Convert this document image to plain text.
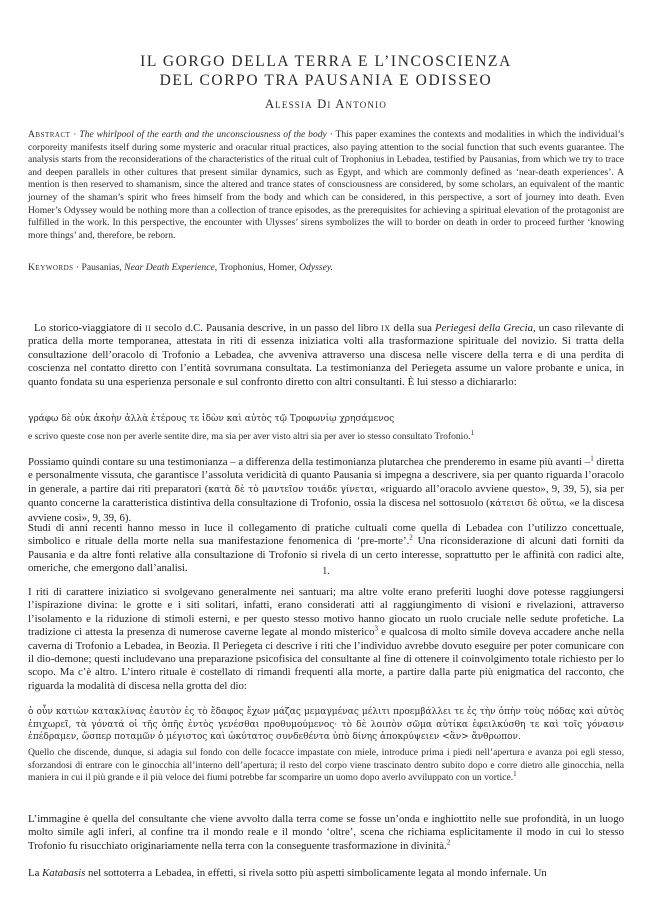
IL GORGO DELLA TERRA E L’INCOSCIENZA
DEL CORPO TRA PAUSANIA E ODISSEO
Alessia Di Antonio
Abstract · The whirlpool of the earth and the unconsciousness of the body · This paper examines the contexts and modalities in which the individual’s corporeity manifests itself during some mysteric and oracular ritual practices, also paying attention to the social function that such events guarantee. The analysis starts from the reconsiderations of the characteristics of the ritual cult of Trophonius in Lebadea, testified by Pausanias, from which we try to trace and deepen parallels in other cultures that present similar dynamics, such as Egypt, and which are commonly defined as ‘near-death experiences’. A mention is then reserved to shamanism, since the altered and trance states of consciousness are considered, by some scholars, an equivalent of the mantic journey of the shaman’s spirit who frees himself from the body and which can be considered, in this perspective, a sort of journey into death. Even Homer’s Odyssey would be nothing more than a collection of trance episodes, as the prerequisites for achieving a spiritual elevation of the protagonist are fulfilled in the work. In this perspective, the encounter with Ulysses’ sirens symbolizes the will to border on death in order to proceed further ‘knowing more things’ and, therefore, be reborn.
Keywords · Pausanias, Near Death Experience, Trophonius, Homer, Odyssey.

Lo storico-viaggiatore di ii secolo d.C. Pausania descrive, in un passo del libro ix della sua Periegesi della Grecia, un caso rilevante di pratica della morte temporanea, attestata in riti di essenza iniziatica volti alla trasformazione spirituale del novizio. Si tratta della consultazione dell’oracolo di Trofonio a Lebadea, che avveniva attraverso una discesa nelle viscere della terra e di una perdita di coscienza nel contatto diretto con l’entità sovrumana consultata. La testimonianza del Periegeta assume un valore probante e unica, in quanto fondata su una esperienza personale e sul confronto diretto con altri consultanti. È lui stesso a dichiararlo:

γράφω δὲ οὐκ ἀκοὴν ἀλλὰ ἑτέρους τε ἰδὼν καὶ αὐτὸς τῷ Τροφωνίῳ χρησάμενος

e scrivo queste cose non per averle sentite dire, ma sia per aver visto altri sia per aver io stesso consultato Trofonio.$^1$

Possiamo quindi contare su una testimonianza – a differenza della testimonianza plutarchea che prenderemo in esame più avanti –$^1$ diretta e personalmente vissuta, che garantisce l’assoluta veridicità di quanto Pausania si impegna a descrivere, sia per quanto riguarda l’oracolo in generale, a partire dai riti preparatori (κατὰ δὲ τὸ μαντεῖον τοιάδε γίνεται, «riguardo all’oracolo avviene questo», 9, 39, 5), sia per quanto concerne la caratteristica distintiva della consultazione di Trofonio, ossia la discesa nel sottosuolo (κάτεισι δὲ οὕτω, «e la discesa avviene così», 9, 39, 6).

Studi di anni recenti hanno messo in luce il collegamento di pratiche cultuali come quella di Lebadea con l’utilizzo concettuale, simbolico e rituale della morte nella sua manifestazione fenomenica di ‘pre-morte’.$^2$ Una riconsiderazione di alcuni dati forniti da Pausania e da altre fonti relative alla consultazione di Trofonio si rivela di un certo interesse, soprattutto per le affinità con radici alte, omeriche, che emergono dall’analisi.	1.

I riti di carattere iniziatico si svolgevano generalmente nei santuari; ma altre volte erano preferiti luoghi dove potesse raggiungersi l’ispirazione divina: le grotte e i siti solitari, infatti, erano considerati atti al raggiungimento di visioni e rivelazioni, attraverso l’isolamento e la riduzione di stimoli esterni, e per questo stesso motivo hanno giocato un ruolo cruciale nelle sedute profetiche. La tradizione ci attesta la presenza di numerose caverne legate al mondo misterico$^3$ e qualcosa di molto simile doveva accadere anche nella caverna di Trofonio a Lebadea, in Beozia. Il Periegeta ci descrive i riti che l’individuo avrebbe dovuto eseguire per poter comunicare con il dio-demone; questi includevano una preparazione psicofisica del consultante al fine di ottenere il coinvolgimento totale richiesto per lo scopo. Ma c’è altro. L’intero rituale è costellato di rimandi frequenti alla morte, a partire dalla parte più enigmatica del racconto, che riguarda la modalità di discesa nella grotta del dio:

ὁ οὖν κατιὼν κατακλίνας ἑαυτὸν ἐς τὸ ἔδαφος ἔχων μάζας μεμαγμένας μέλιτι προεμβάλλει τε ἐς τὴν ὀπὴν τοὺς πόδας καὶ αὐτὸς ἐπιχωρεῖ, τὰ γόνατά οἱ τῆς ὀπῆς ἐντὸς γενέσθαι προθυμούμενος· τὸ δὲ λοιπὸν σῶμα αὐτίκα ἐφειλκύσθη τε καὶ τοῖς γόνασιν ἐπέδραμεν, ὥσπερ ποταμῶν ὁ μέγιστος καὶ ὠκύτατος συνδεθέντα ὑπὸ δίνης ἀποκρύψειεν <ἂν> ἄνθρωπον.

Quello che discende, dunque, si adagia sul fondo con delle focacce impastate con miele, introduce prima i piedi nell’apertura e avanza poi egli stesso, sforzandosi di entrare con le ginocchia all’interno dell’apertura; il resto del corpo viene trascinato dentro subito dopo e corre dietro alle ginocchia, nella maniera in cui il più grande e il più veloce dei fiumi potrebbe far scomparire un uomo dopo averlo avviluppato con un vortice.$^1$

L’immagine è quella del consultante che viene avvolto dalla terra come se fosse un’onda e inghiottito nelle sue profondità, in un luogo molto simile agli inferi, al confine tra il mondo reale e il mondo ‘oltre’, scena che richiama esplicitamente il modo in cui lo stesso Trofonio fu risucchiato originariamente nella terra con la conseguente trasformazione in divinità.$^2$

La Katabasis nel sottoterra a Lebadea, in effetti, si rivela sotto più aspetti simbolicamente legata al mondo infernale. Un
